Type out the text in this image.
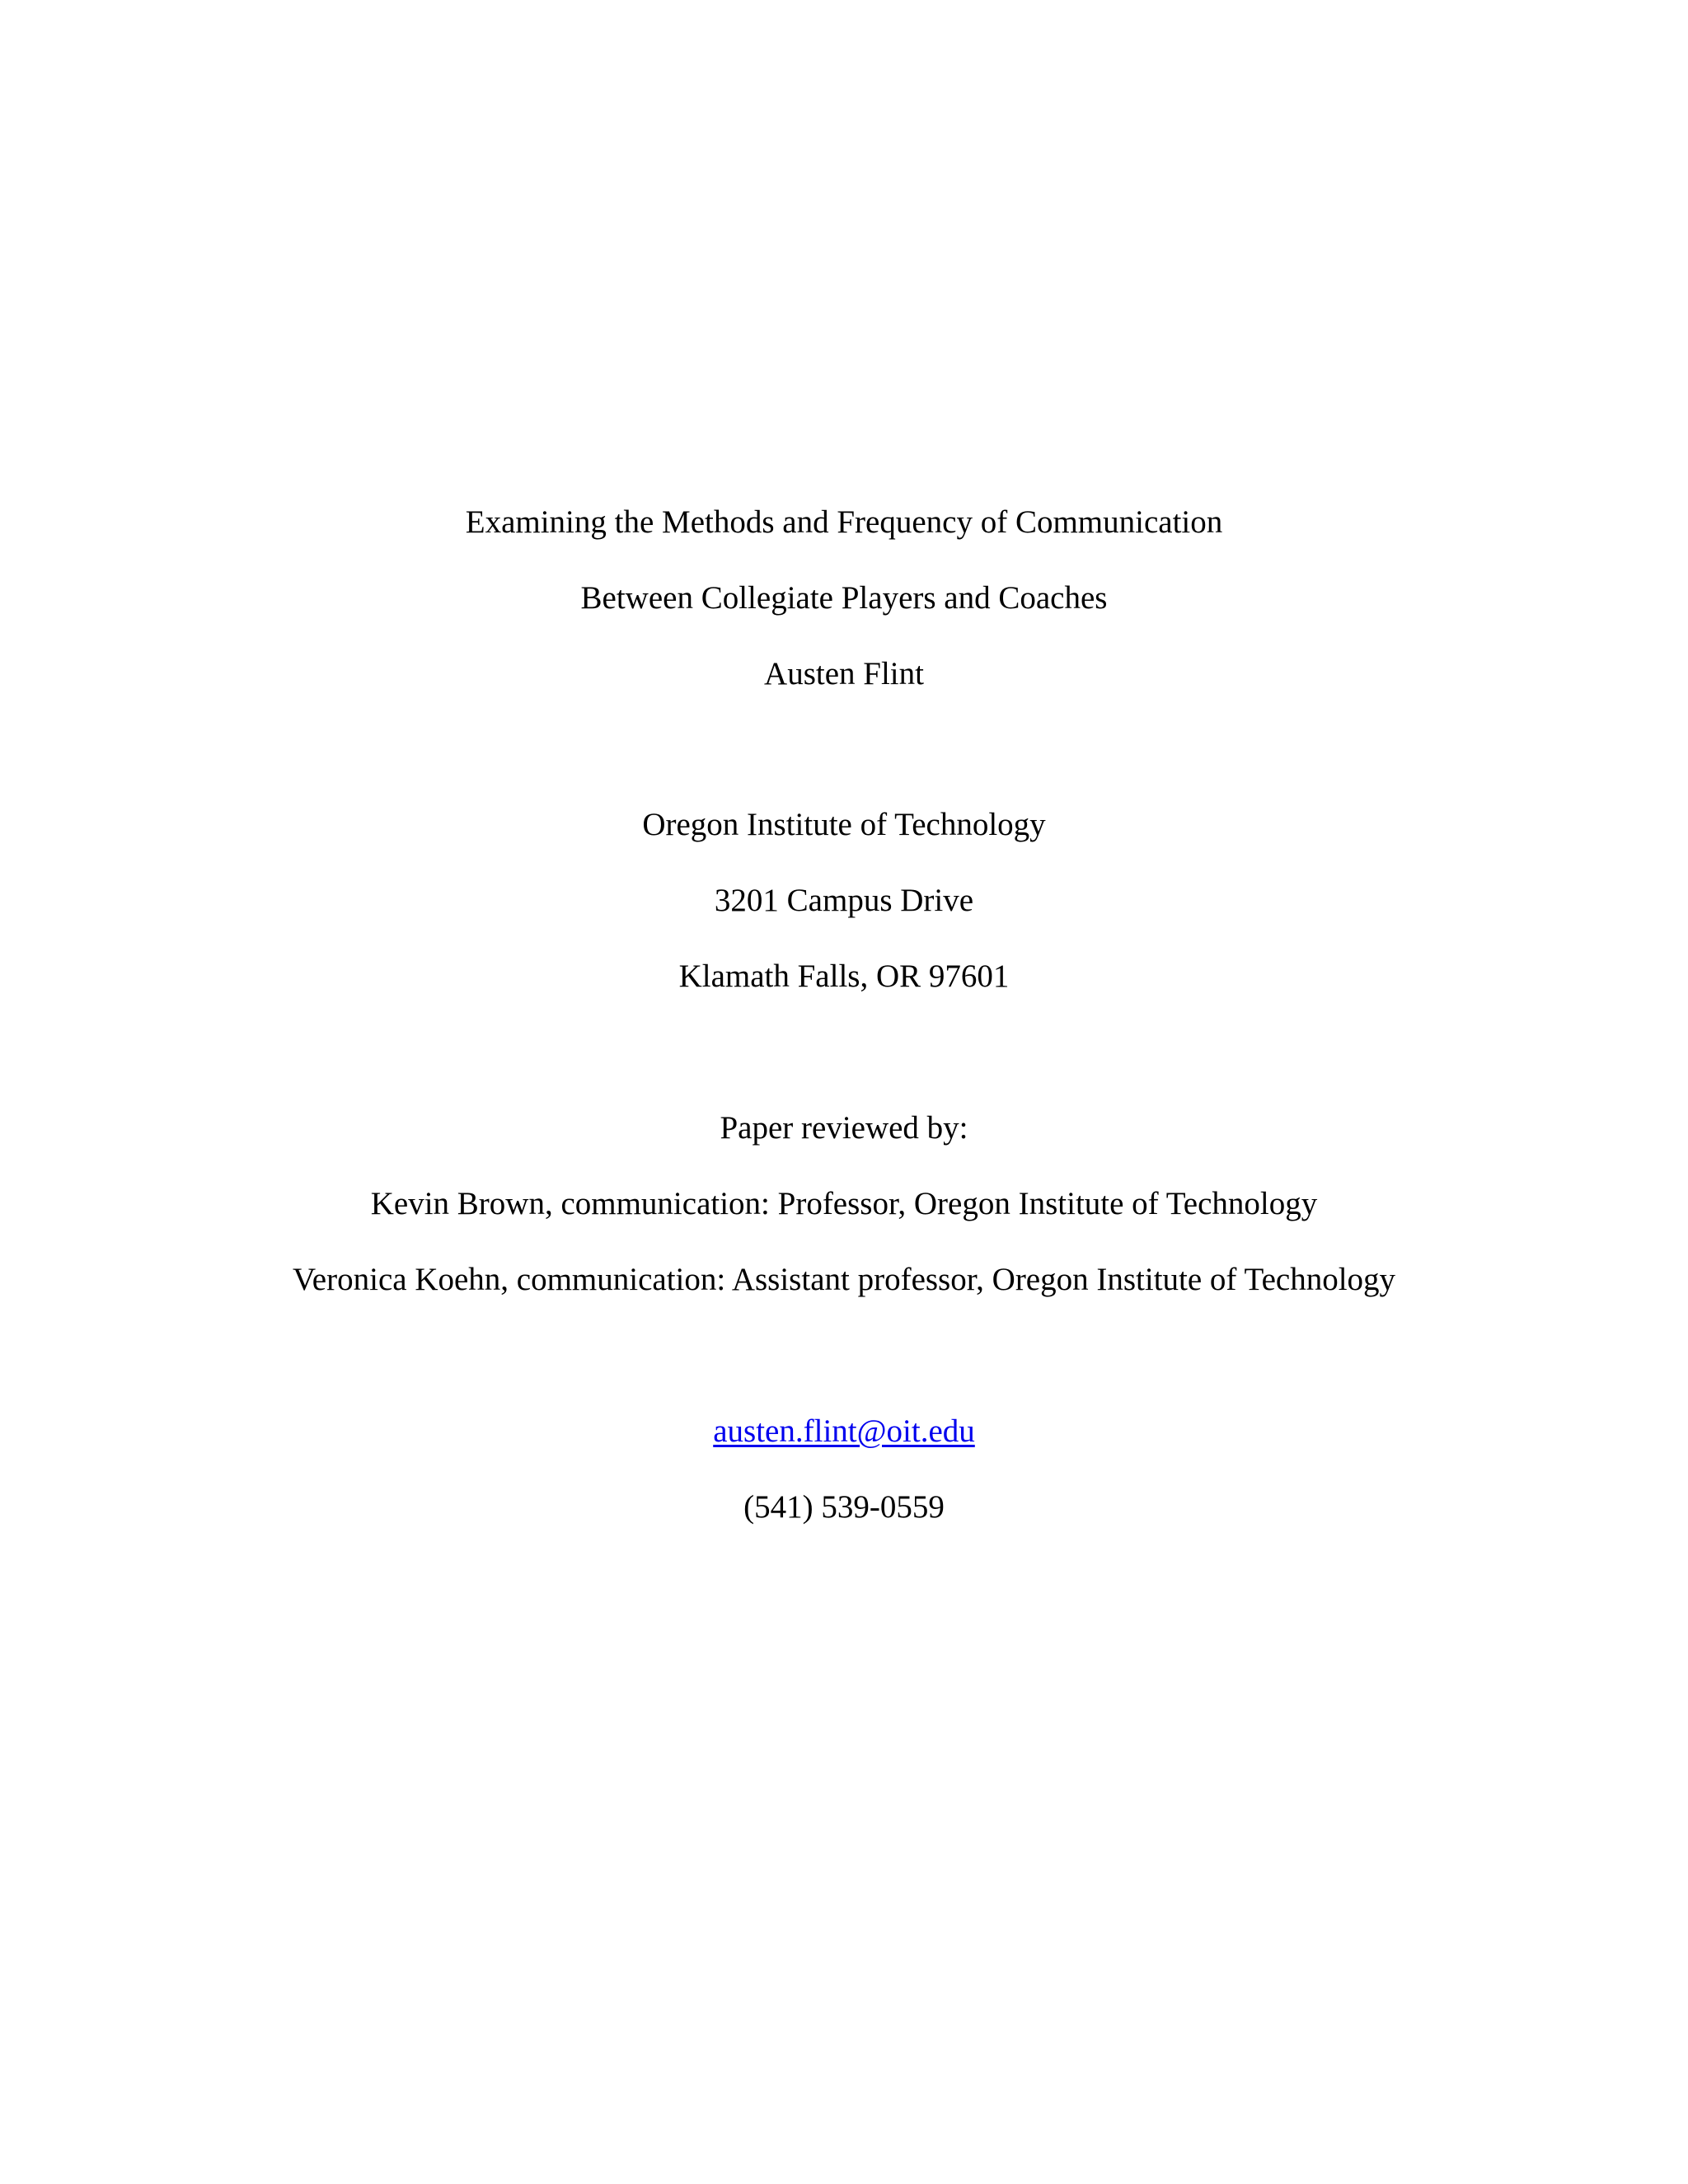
Examining the Methods and Frequency of Communication
Between Collegiate Players and Coaches
Austen Flint
Oregon Institute of Technology
3201 Campus Drive
Klamath Falls, OR 97601
Paper reviewed by:
Kevin Brown, communication: Professor, Oregon Institute of Technology
Veronica Koehn, communication: Assistant professor, Oregon Institute of Technology
austen.flint@oit.edu
(541) 539-0559
